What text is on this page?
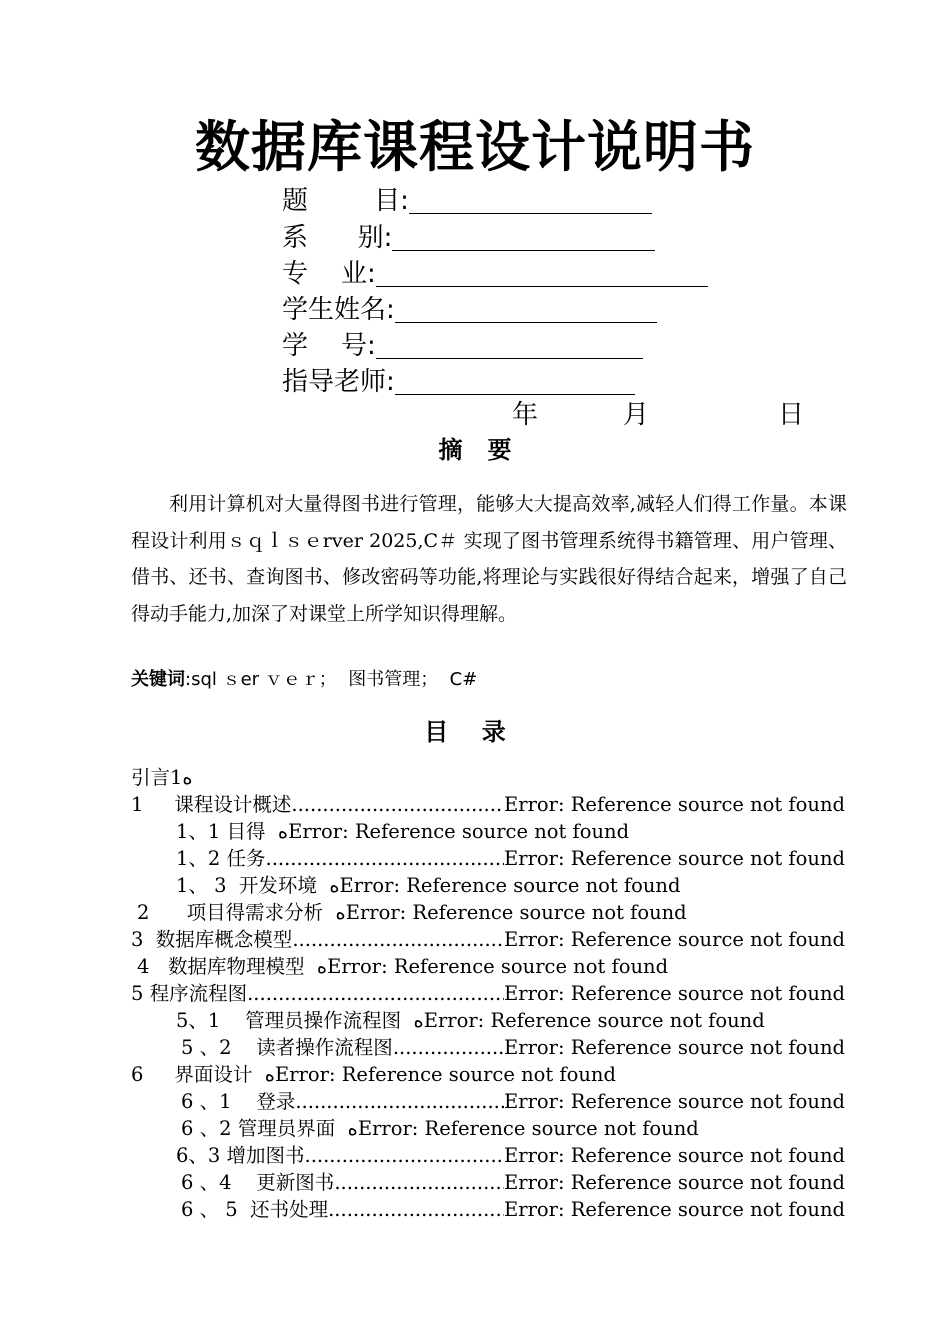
数据库课程设计说明书
题        目:
系      别:
专    业:
学生姓名:
学    号:
指导老师:
年	月	日
摘   要
利用计算机对大量得图书进行管理，能够大大提高效率,减轻人们得工作量。本课程设计利用ｓｑｌｓｅrver 2025,C＃ 实现了图书管理系统得书籍管理、用户管理、借书、还书、查询图书、修改密码等功能,将理论与实践很好得结合起来，增强了自己得动手能力,加深了对课堂上所学知识得理解。
关键词:sql ｓer ｖｅｒ；  图书管理；  C#
目    录
引言1ه
1     课程设计概述 .....	Error: Reference source not found
1、1 目得  ه Error: Reference source not found
1、2 任务 .....	Error: Reference source not found
1、 3  开发环境  ه Error: Reference source not found
2      项目得需求分析  ه Error: Reference source not found
3  数据库概念模型 .....	Error: Reference source not found
4   数据库物理模型  ه Error: Reference source not found
5 程序流程图 .....	Error: Reference source not found
5、1    管理员操作流程图  ه Error: Reference source not found
5 、2    读者操作流程图 .....	Error: Reference source not found
6     界面设计  ه Error: Reference source not found
6 、1    登录 .....	Error: Reference source not found
6 、2 管理员界面  ه Error: Reference source not found
6、3 增加图书 .....	Error: Reference source not found
6 、4    更新图书 .....	Error: Reference source not found
6 、 5  还书处理 .....	Error: Reference source not found
